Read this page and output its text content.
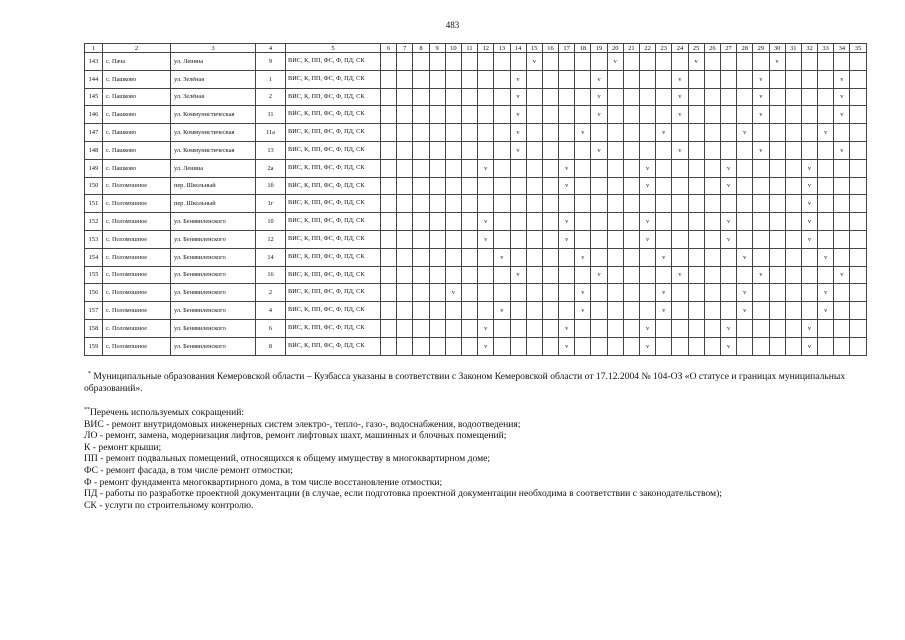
483
1	2	3	4	5	6	7	8	9	10	11	12	13	14	15	16	17	18	19	20	21	22	23	24	25	26	27	28	29	30	31	32	33	34	35
143	с. Пача	ул. Ленина	9	ВИС, К, ПП, ФС, Ф, ПД, СК										v					v					v					v					
144	с. Пашково	ул. Зелёная	1	ВИС, К, ПП, ФС, Ф, ПД, СК									v					v					v					v					v	
145	с. Пашково	ул. Зелёная	2	ВИС, К, ПП, ФС, Ф, ПД, СК									v					v					v					v					v	
146	с. Пашково	ул. Коммунистическая	11	ВИС, К, ПП, ФС, Ф, ПД, СК									v					v					v					v					v	
147	с. Пашково	ул. Коммунистическая	11а	ВИС, К, ПП, ФС, Ф, ПД, СК									v				v					v					v					v		
148	с. Пашково	ул. Коммунистическая	13	ВИС, К, ПП, ФС, Ф, ПД, СК									v					v					v					v					v	
149	с. Пашково	ул. Ленина	2а	ВИС, К, ПП, ФС, Ф, ПД, СК							v					v					v					v					v			
150	с. Поломошное	пер. Школьный	1б	ВИС, К, ПП, ФС, Ф, ПД, СК												v					v					v					v			
151	с. Поломошное	пер. Школьный	1г	ВИС, К, ПП, ФС, Ф, ПД, СК																											v			
152	с. Поломошное	ул. Бенявиленского	10	ВИС, К, ПП, ФС, Ф, ПД, СК							v					v					v					v					v			
153	с. Поломошное	ул. Бенявиленского	12	ВИС, К, ПП, ФС, Ф, ПД, СК							v					v					v					v					v			
154	с. Поломошное	ул. Бенявиленского	14	ВИС, К, ПП, ФС, Ф, ПД, СК								v					v					v					v					v		
155	с. Поломошное	ул. Бенявиленского	16	ВИС, К, ПП, ФС, Ф, ПД, СК									v					v					v					v					v	
156	с. Поломошное	ул. Бенявиленского	2	ВИС, К, ПП, ФС, Ф, ПД, СК					v								v					v					v					v		
157	с. Поломошное	ул. Бенявиленского	4	ВИС, К, ПП, ФС, Ф, ПД, СК								v					v					v					v					v		
158	с. Поломошное	ул. Бенявиленского	6	ВИС, К, ПП, ФС, Ф, ПД, СК							v					v					v					v					v			
159	с. Поломошное	ул. Бенявиленского	8	ВИС, К, ПП, ФС, Ф, ПД, СК							v					v					v					v					v			
* Муниципальные образования Кемеровской области – Кузбасса указаны в соответствии с Законом Кемеровской области от 17.12.2004 № 104-ОЗ «О статусе и границах муниципальных образований».
**Перечень используемых сокращений:
ВИС - ремонт внутридомовых инженерных систем электро-, тепло-, газо-, водоснабжения, водоотведения;
ЛО - ремонт, замена, модернизация лифтов, ремонт лифтовых шахт, машинных и блочных помещений;
К - ремонт крыши;
ПП - ремонт подвальных помещений, относящихся к общему имуществу в многоквартирном доме;
ФС - ремонт фасада, в том числе ремонт отмостки;
Ф - ремонт фундамента многоквартирного дома, в том числе восстановление отмостки;
ПД - работы по разработке проектной документации (в случае, если подготовка проектной документации необходима в соответствии с законодательством);
СК - услуги по строительному контролю.
